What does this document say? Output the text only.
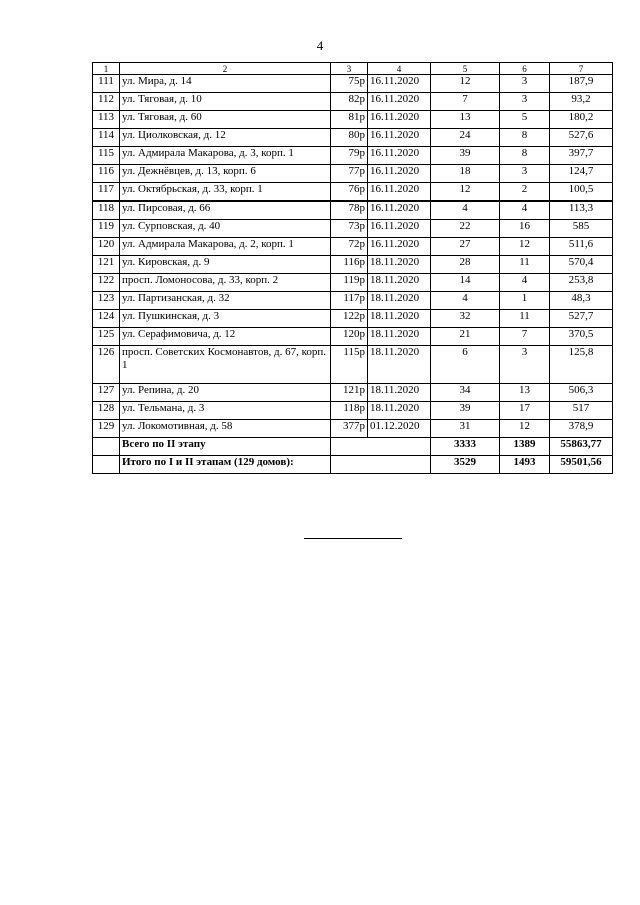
4
1	2	3	4	5	6	7
111	ул. Мира, д. 14	75р	16.11.2020	12	3	187,9
112	ул. Тяговая, д. 10	82р	16.11.2020	7	3	93,2
113	ул. Тяговая, д. 60	81р	16.11.2020	13	5	180,2
114	ул. Циолковская, д. 12	80р	16.11.2020	24	8	527,6
115	ул. Адмирала Макарова, д. 3, корп. 1	79р	16.11.2020	39	8	397,7
116	ул. Дежнёвцев, д. 13, корп. 6	77р	16.11.2020	18	3	124,7
117	ул. Октябрьская, д. 33, корп. 1	76р	16.11.2020	12	2	100,5
118	ул. Пирсовая, д. 66	78р	16.11.2020	4	4	113,3
119	ул. Сурповская, д. 40	73р	16.11.2020	22	16	585
120	ул. Адмирала Макарова, д. 2, корп. 1	72р	16.11.2020	27	12	511,6
121	ул. Кировская, д. 9	116р	18.11.2020	28	11	570,4
122	просп. Ломоносова, д. 33, корп. 2	119р	18.11.2020	14	4	253,8
123	ул. Партизанская, д. 32	117р	18.11.2020	4	1	48,3
124	ул. Пушкинская, д. 3	122р	18.11.2020	32	11	527,7
125	ул. Серафимовича, д. 12	120р	18.11.2020	21	7	370,5
126	просп. Советских Космонавтов, д. 67, корп. 1	115р	18.11.2020	6	3	125,8
127	ул. Репина, д. 20	121р	18.11.2020	34	13	506,3
128	ул. Тельмана, д. 3	118р	18.11.2020	39	17	517
129	ул. Локомотивная, д. 58	377р	01.12.2020	31	12	378,9
	Всего по II этапу			3333	1389	55863,77
	Итого по I и II этапам (129 домов):			3529	1493	59501,56
